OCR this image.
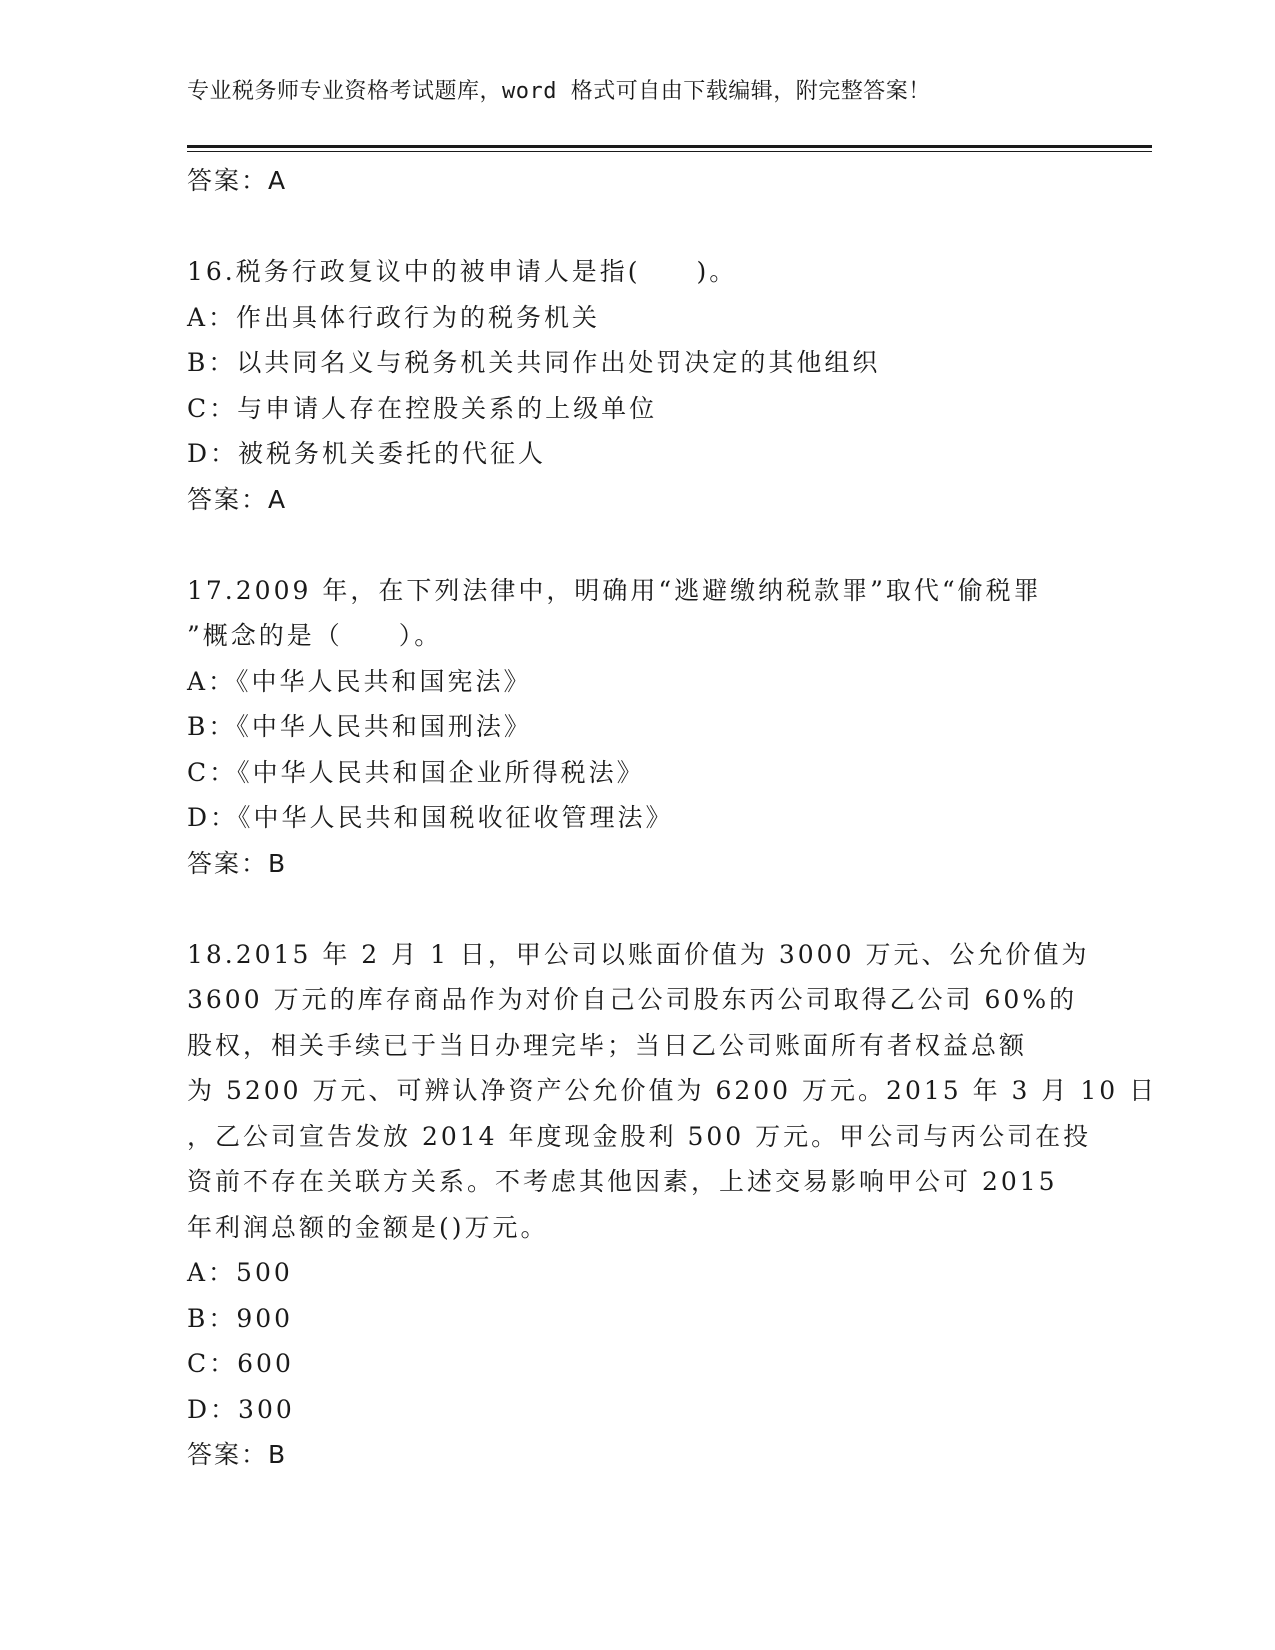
专业税务师专业资格考试题库，word 格式可自由下载编辑，附完整答案！
答案：A
16.税务行政复议中的被申请人是指(　　)。
A：作出具体行政行为的税务机关
B：以共同名义与税务机关共同作出处罚决定的其他组织
C：与申请人存在控股关系的上级单位
D：被税务机关委托的代征人
答案：A
17.2009 年，在下列法律中，明确用“逃避缴纳税款罪”取代“偷税罪
”概念的是（　　）。
A：《中华人民共和国宪法》
B：《中华人民共和国刑法》
C：《中华人民共和国企业所得税法》
D：《中华人民共和国税收征收管理法》
答案：B
18.2015 年 2 月 1 日，甲公司以账面价值为 3000 万元、公允价值为
3600 万元的库存商品作为对价自己公司股东丙公司取得乙公司 60%的
股权，相关手续已于当日办理完毕；当日乙公司账面所有者权益总额
为 5200 万元、可辨认净资产公允价值为 6200 万元。2015 年 3 月 10 日
，乙公司宣告发放 2014 年度现金股利 500 万元。甲公司与丙公司在投
资前不存在关联方关系。不考虑其他因素，上述交易影响甲公可 2015
年利润总额的金额是()万元。
A：500
B：900
C：600
D：300
答案：B
